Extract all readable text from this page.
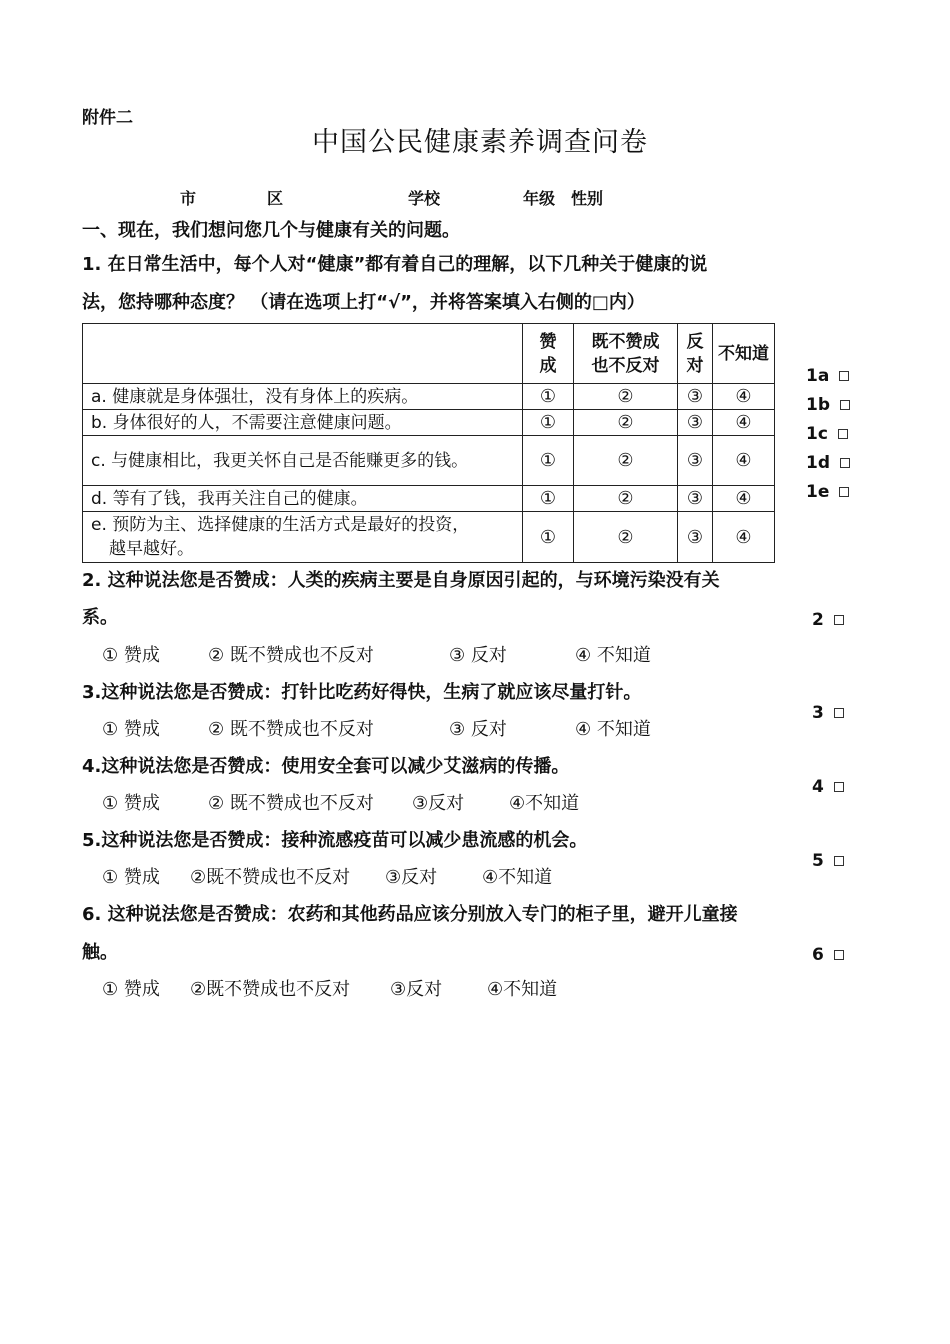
附件二
中国公民健康素养调查问卷
市	区	学校	年级 性别
一、现在，我们想问您几个与健康有关的问题。
1. 在日常生活中，每个人对“健康”都有着自己的理解，以下几种关于健康的说
法，您持哪种态度？ （请在选项上打“√”，并将答案填入右侧的□内）

	赞成	既不赞成也不反对	反对	不知道
a. 健康就是身体强壮，没有身体上的疾病。	①	②	③	④
b. 身体很好的人，不需要注意健康问题。	①	②	③	④
c. 与健康相比，我更关怀自己是否能赚更多的钱。	①	②	③	④
d. 等有了钱，我再关注自己的健康。	①	②	③	④

e. 预防为主、选择健康的生活方式是最好的投资，
越早越好。	①	②	③	④
1a
1b
1c
1d
1e
2. 这种说法您是否赞成：人类的疾病主要是自身原因引起的，与环境污染没有关
系。	2
① 赞成	② 既不赞成也不反对	③ 反对	④ 不知道
3.这种说法您是否赞成：打针比吃药好得快，生病了就应该尽量打针。
3
① 赞成	② 既不赞成也不反对	③ 反对	④ 不知道
4.这种说法您是否赞成：使用安全套可以减少艾滋病的传播。
4
① 赞成	② 既不赞成也不反对 ③反对 ④不知道
5.这种说法您是否赞成：接种流感疫苗可以减少患流感的机会。
5
① 赞成 ②既不赞成也不反对 ③反对 ④不知道
6. 这种说法您是否赞成：农药和其他药品应该分别放入专门的柜子里，避开儿童接
触。	6
① 赞成 ②既不赞成也不反对 ③反对 ④不知道
